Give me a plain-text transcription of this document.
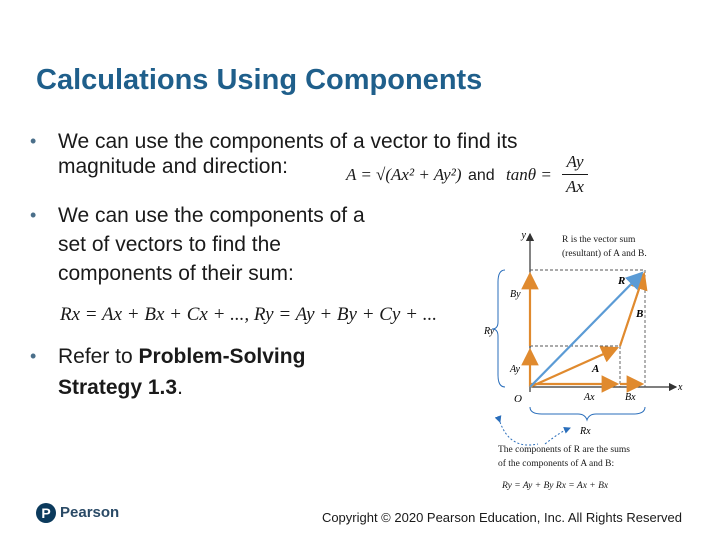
Calculations Using Components
•	We can use the components of a vector to find its
magnitude and direction:	A = √(Ax² + Ay²) and $\tan\theta = \frac{Ay}{Ax}$
•	We can use the components of a
set of vectors to find the
components of their sum:
Rx = Ax + Bx + Cx + ..., Ry = Ay + By + Cy + ...
•	Refer to Problem-Solving
Strategy 1.3.
y
x
O
R
A
B
Ax	Bx
Rx
Ay
By
Ry
R is the vector sum
(resultant) of A and B.
The components of R are the sums
of the components of A and B:
Ry = Ay + By Rx = Ax + Bx
P Pearson	Copyright © 2020 Pearson Education, Inc. All Rights Reserved
